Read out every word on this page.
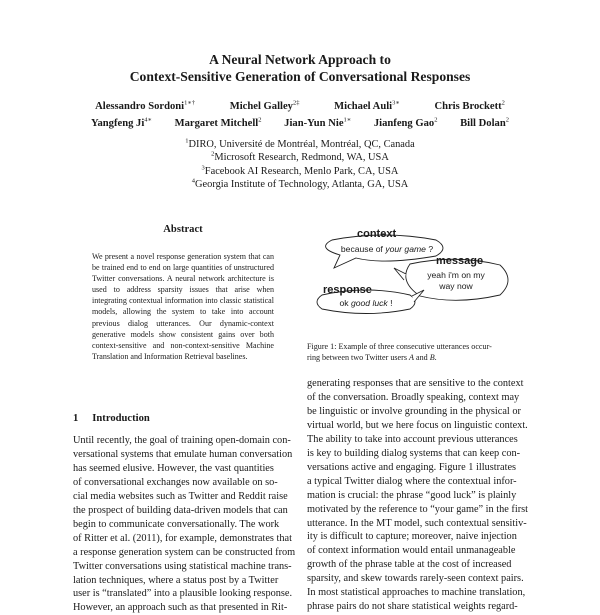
A Neural Network Approach to
Context-Sensitive Generation of Conversational Responses
Alessandro Sordoni$^{1∗\dagger}$	Michel Galley$^{2\ddagger}$	Michael Auli$^{3∗}$	Chris Brockett$^2$
Yangfeng $Ji^{4∗}$ Margaret Mitchell$^2$ Jian-Yun Nie$^{1∗}$ Jianfeng Gao$^2$ Bill Dolan$^2$
$^1$DIRO, Université de Montréal, Montréal, QC, Canada
$^2$Microsoft Research, Redmond, WA, USA
$^3$Facebook AI Research, Menlo Park, CA, USA
$^4$Georgia Institute of Technology, Atlanta, GA, USA
Abstract
We present a novel response generation system that can be trained end to end on large quantities of unstructured Twitter conversations. A neural network architecture is used to address sparsity issues that arise when integrating contextual information into classic statistical models, allowing the system to take into account previous dialog utterances. Our dynamic-context generative models show consistent gains over both context-sensitive and non-context-sensitive Machine Translation and Information Retrieval baselines.
1 Introduction
Until recently, the goal of training open-domain con-
versational systems that emulate human conversation
has seemed elusive. However, the vast quantities
of conversational exchanges now available on so-
cial media websites such as Twitter and Reddit raise
the prospect of building data-driven models that can
begin to communicate conversationally. The work
of Ritter et al. (2011), for example, demonstrates that
a response generation system can be constructed from
Twitter conversations using statistical machine trans-
lation techniques, where a status post by a Twitter
user is “translated” into a plausible looking response.
However, an approach such as that presented in Rit-
context
because of your game ?
message
yeah i'm on my
way now
response
ok good luck !
Figure 1: Example of three consecutive utterances occur-
ring between two Twitter users A and B.
generating responses that are sensitive to the context
of the conversation. Broadly speaking, context may
be linguistic or involve grounding in the physical or
virtual world, but we here focus on linguistic context.
The ability to take into account previous utterances
is key to building dialog systems that can keep con-
versations active and engaging. Figure 1 illustrates
a typical Twitter dialog where the contextual infor-
mation is crucial: the phrase “good luck” is plainly
motivated by the reference to “your game” in the first
utterance. In the MT model, such contextual sensitiv-
ity is difficult to capture; moreover, naive injection
of context information would entail unmanageable
growth of the phrase table at the cost of increased
sparsity, and skew towards rarely-seen context pairs.
In most statistical approaches to machine translation,
phrase pairs do not share statistical weights regard-
